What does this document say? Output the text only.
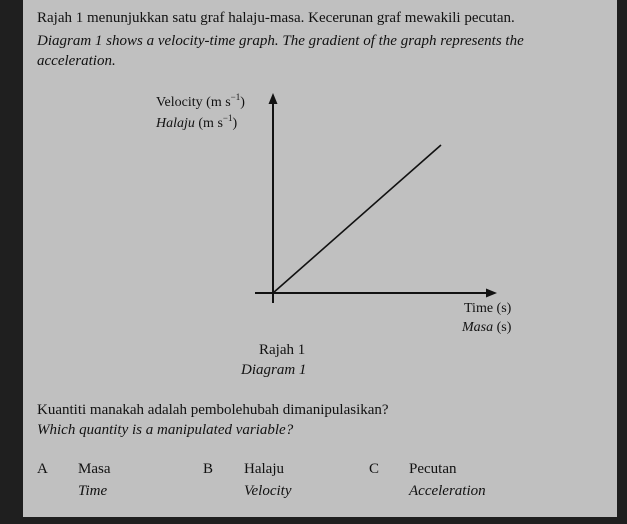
Rajah 1 menunjukkan satu graf halaju-masa. Kecerunan graf mewakili pecutan.
Diagram 1 shows a velocity-time graph. The gradient of the graph represents the
acceleration.
Velocity (m $s^{-1}$)
Halaju (m $s^{-1}$)
Time (s)
Masa (s)
Rajah 1
Diagram 1
Kuantiti manakah adalah pembolehubah dimanipulasikan?
Which quantity is a manipulated variable?
A Masa
Time
B Halaju
Velocity
C Pecutan
Acceleration
